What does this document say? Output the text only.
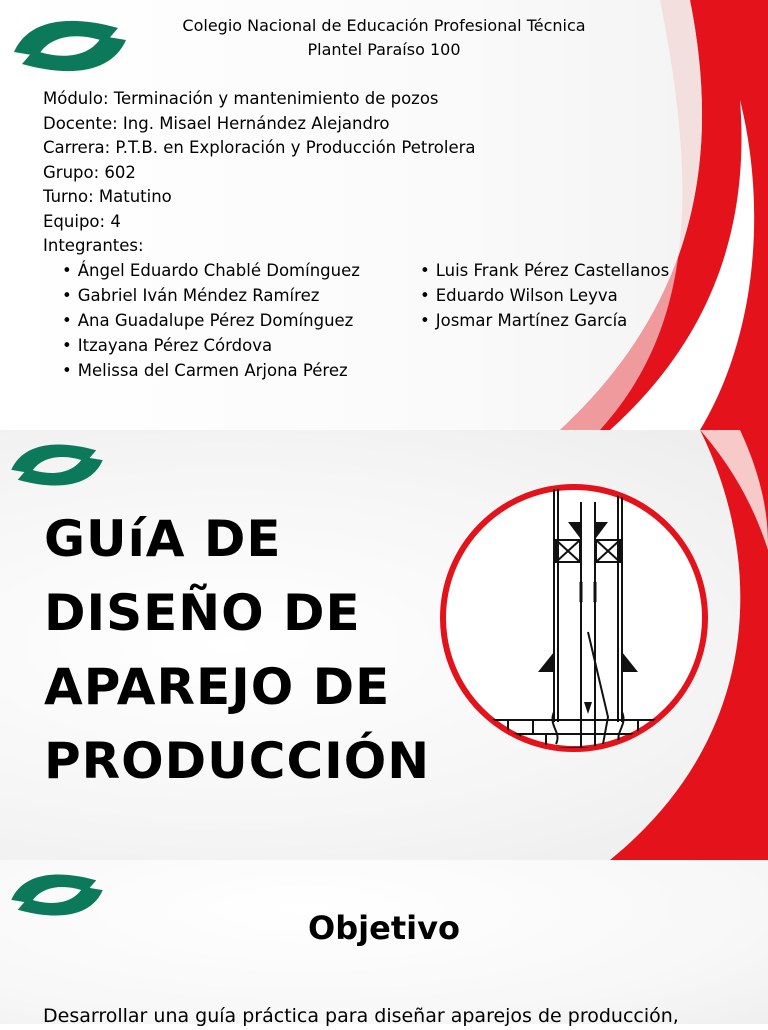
Colegio Nacional de Educación Profesional Técnica
Plantel Paraíso 100
Módulo: Terminación y mantenimiento de pozos
Docente: Ing. Misael Hernández Alejandro
Carrera: P.T.B. en Exploración y Producción Petrolera
Grupo: 602
Turno: Matutino
Equipo: 4
Integrantes:
• Ángel Eduardo Chablé Domínguez
• Gabriel Iván Méndez Ramírez
• Ana Guadalupe Pérez Domínguez
• Itzayana Pérez Córdova
• Melissa del Carmen Arjona Pérez
• Luis Frank Pérez Castellanos
• Eduardo Wilson Leyva
• Josmar Martínez García
GUíA DE
DISEÑO DE
APAREJO DE
PRODUCCIÓN
Objetivo
Desarrollar una guía práctica para diseñar aparejos de producción,
